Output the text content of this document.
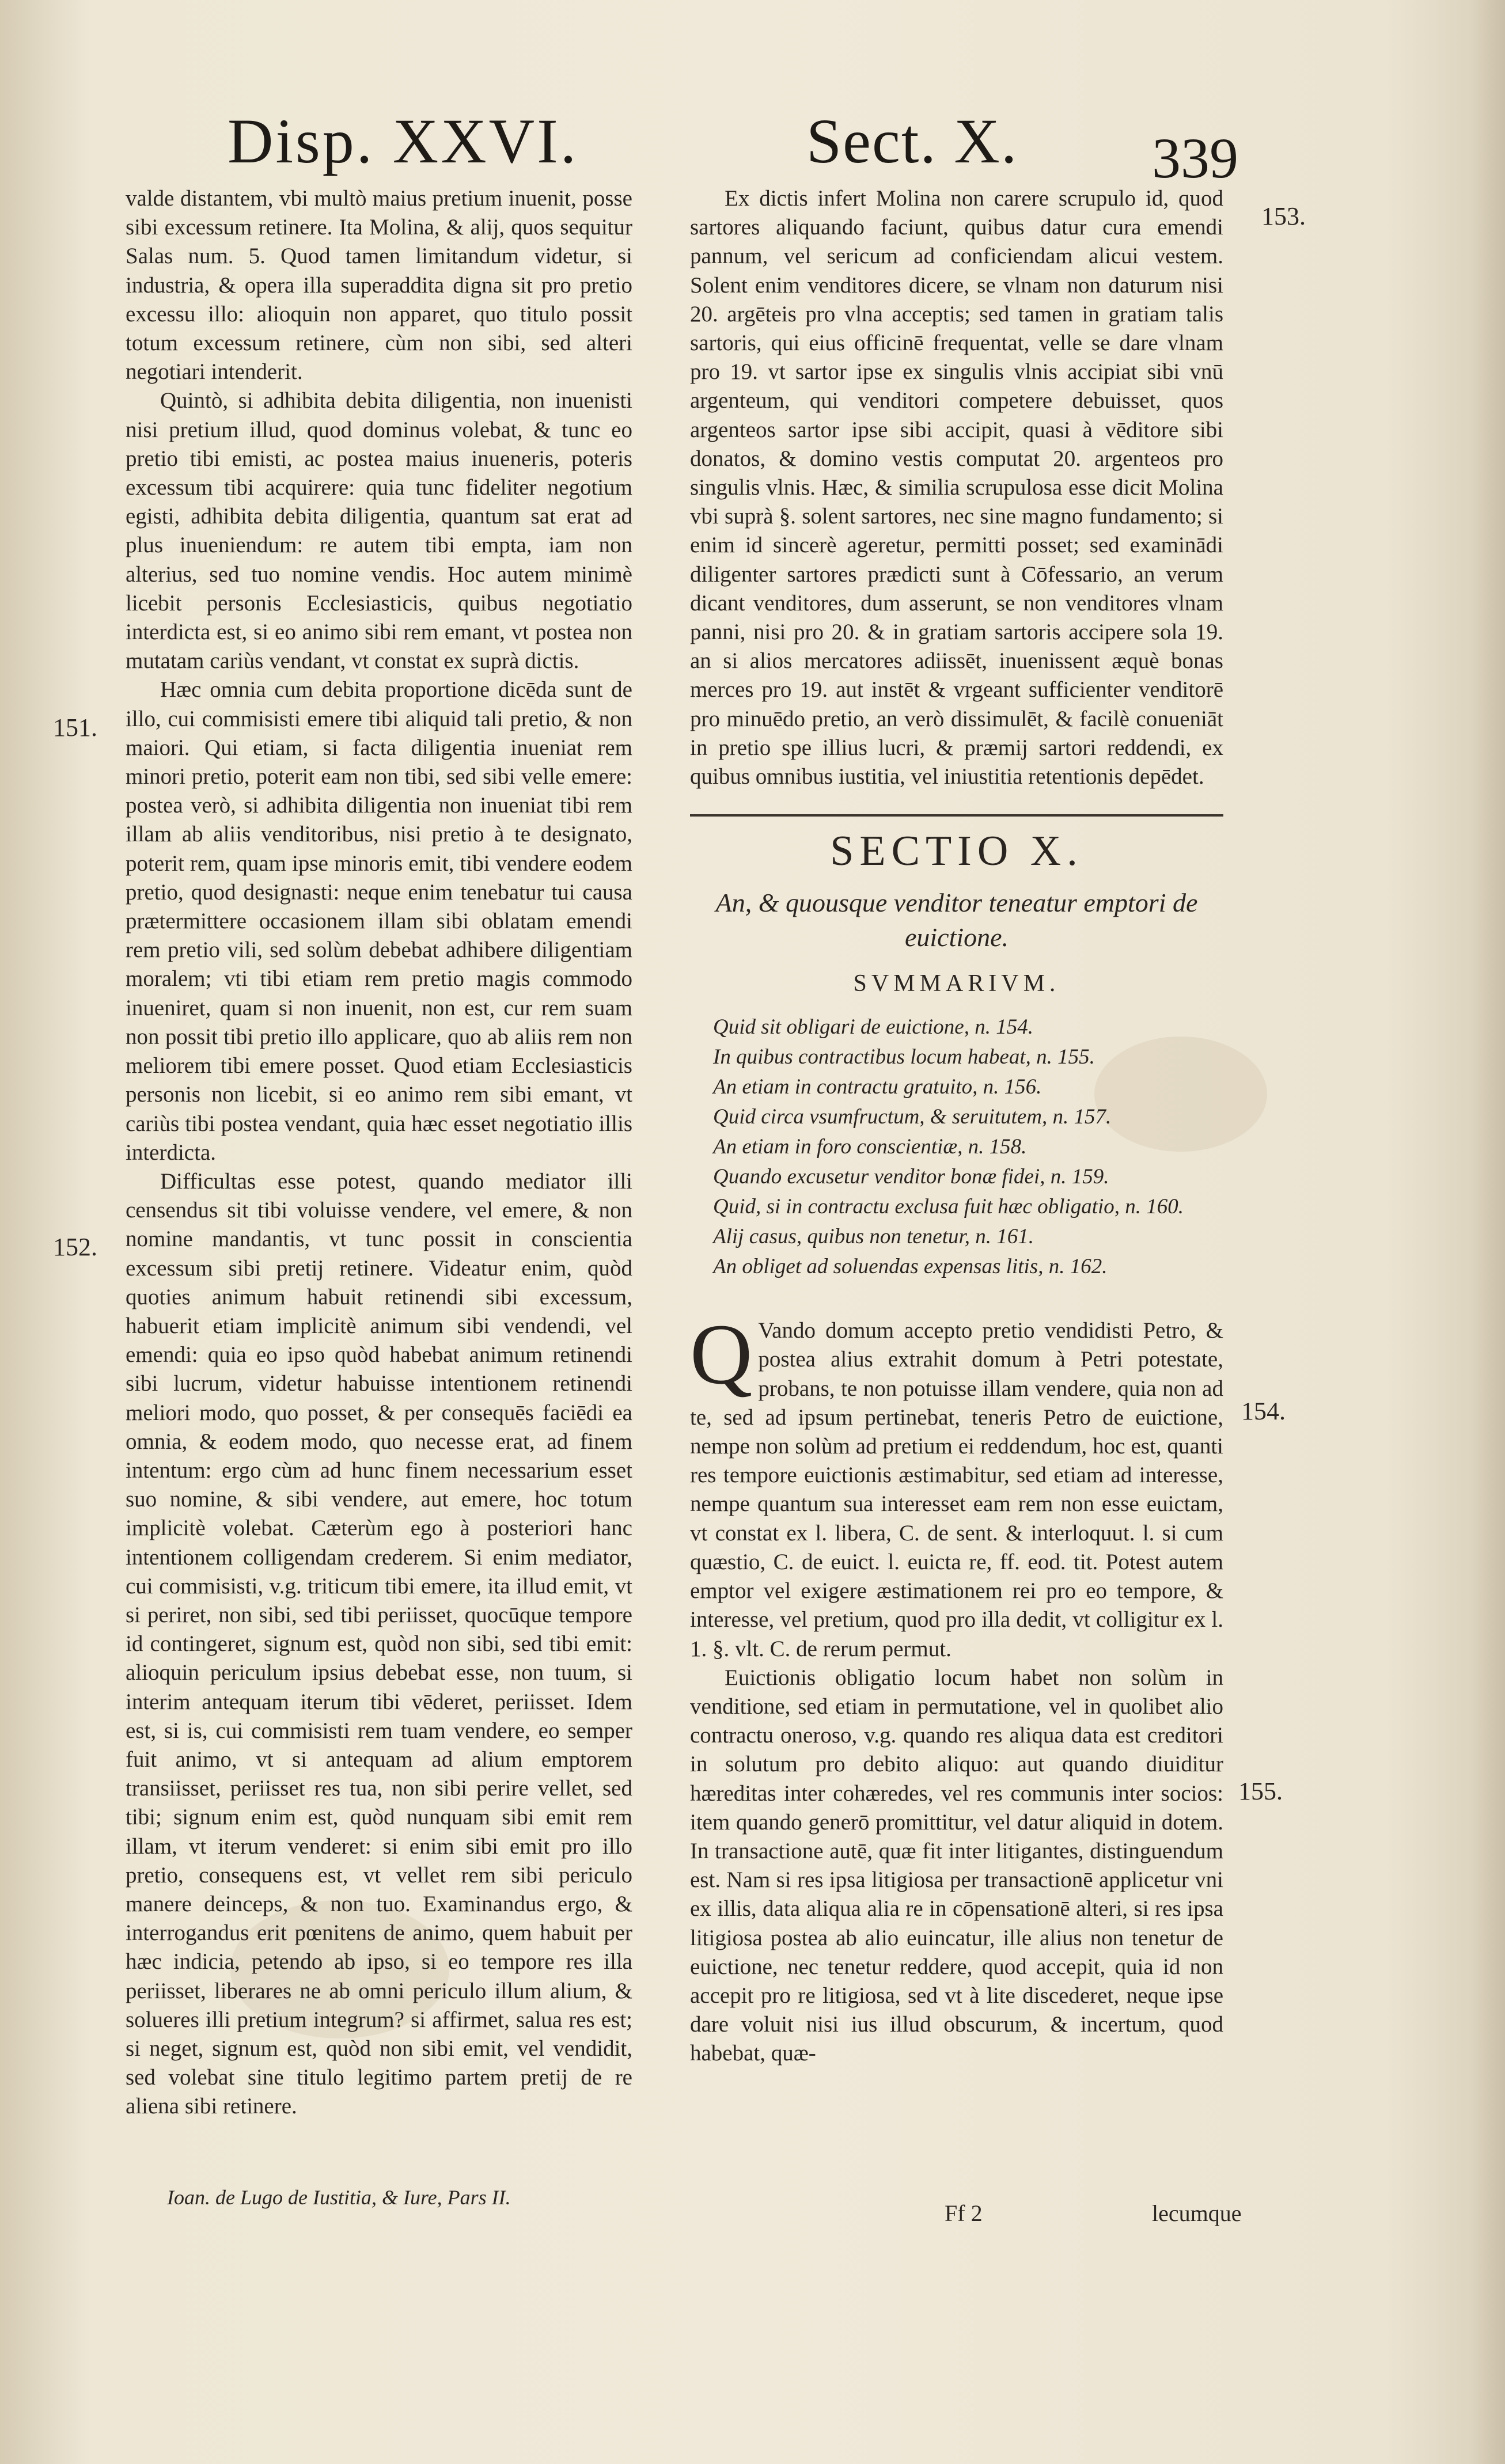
Disp. XXVI.	Sect. X. 339

valde distantem, vbi multò maius pretium inuenit, posse sibi excessum retinere. Ita Molina, & alij, quos sequitur Salas num. 5. Quod tamen limitandum videtur, si industria, & opera illa superaddita digna sit pro pretio excessu illo: alioquin non apparet, quo titulo possit totum excessum retinere, cùm non sibi, sed alteri negotiari intenderit.

Quintò, si adhibita debita diligentia, non inuenisti nisi pretium illud, quod dominus volebat, & tunc eo pretio tibi emisti, ac postea maius inueneris, poteris excessum tibi acquirere: quia tunc fideliter negotium egisti, adhibita debita diligentia, quantum sat erat ad plus inueniendum: re autem tibi empta, iam non alterius, sed tuo nomine vendis. Hoc autem minimè licebit personis Ecclesiasticis, quibus negotiatio interdicta est, si eo animo sibi rem emant, vt postea non mutatam cariùs vendant, vt constat ex suprà dictis.

Hæc omnia cum debita proportione dicēda sunt de illo, cui commisisti emere tibi aliquid tali pretio, & non maiori. Qui etiam, si facta diligentia inueniat rem minori pretio, poterit eam non tibi, sed sibi velle emere: postea verò, si adhibita diligentia non inueniat tibi rem illam ab aliis venditoribus, nisi pretio à te designato, poterit rem, quam ipse minoris emit, tibi vendere eodem pretio, quod designasti: neque enim tenebatur tui causa prætermittere occasionem illam sibi oblatam emendi rem pretio vili, sed solùm debebat adhibere diligentiam moralem; vti tibi etiam rem pretio magis commodo inueniret, quam si non inuenit, non est, cur rem suam non possit tibi pretio illo applicare, quo ab aliis rem non meliorem tibi emere posset. Quod etiam Ecclesiasticis personis non licebit, si eo animo rem sibi emant, vt cariùs tibi postea vendant, quia hæc esset negotiatio illis interdicta.

Difficultas esse potest, quando mediator illi censendus sit tibi voluisse vendere, vel emere, & non nomine mandantis, vt tunc possit in conscientia excessum sibi pretij retinere. Videatur enim, quòd quoties animum habuit retinendi sibi excessum, habuerit etiam implicitè animum sibi vendendi, vel emendi: quia eo ipso quòd habebat animum retinendi sibi lucrum, videtur habuisse intentionem retinendi meliori modo, quo posset, & per consequēs faciēdi ea omnia, & eodem modo, quo necesse erat, ad finem intentum: ergo cùm ad hunc finem necessarium esset suo nomine, & sibi vendere, aut emere, hoc totum implicitè volebat. Cæterùm ego à posteriori hanc intentionem colligendam crederem. Si enim mediator, cui commisisti, v.g. triticum tibi emere, ita illud emit, vt si periret, non sibi, sed tibi periisset, quocūque tempore id contingeret, signum est, quòd non sibi, sed tibi emit: alioquin periculum ipsius debebat esse, non tuum, si interim antequam iterum tibi vēderet, periisset. Idem est, si is, cui commisisti rem tuam vendere, eo semper fuit animo, vt si antequam ad alium emptorem transiisset, periisset res tua, non sibi perire vellet, sed tibi; signum enim est, quòd nunquam sibi emit rem illam, vt iterum venderet: si enim sibi emit pro illo pretio, consequens est, vt vellet rem sibi periculo manere deinceps, & non tuo. Examinandus ergo, & interrogandus erit pœnitens de animo, quem habuit per hæc indicia, petendo ab ipso, si eo tempore res illa periisset, liberares ne ab omni periculo illum alium, & solueres illi pretium integrum? si affirmet, salua res est; si neget, signum est, quòd non sibi emit, vel vendidit, sed volebat sine titulo legitimo partem pretij de re aliena sibi retinere.

Ex dictis infert Molina non carere scrupulo id, quod sartores aliquando faciunt, quibus datur cura emendi pannum, vel sericum ad conficiendam alicui vestem. Solent enim venditores dicere, se vlnam non daturum nisi 20. argēteis pro vlna acceptis; sed tamen in gratiam talis sartoris, qui eius officinē frequentat, velle se dare vlnam pro 19. vt sartor ipse ex singulis vlnis accipiat sibi vnū argenteum, qui venditori competere debuisset, quos argenteos sartor ipse sibi accipit, quasi à vēditore sibi donatos, & domino vestis computat 20. argenteos pro singulis vlnis. Hæc, & similia scrupulosa esse dicit Molina vbi suprà §. solent sartores, nec sine magno fundamento; si enim id sincerè ageretur, permitti posset; sed examinādi diligenter sartores prædicti sunt à Cōfessario, an verum dicant venditores, dum asserunt, se non venditores vlnam panni, nisi pro 20. & in gratiam sartoris accipere sola 19. an si alios mercatores adiissēt, inuenissent æquè bonas merces pro 19. aut instēt & vrgeant sufficienter venditorē pro minuēdo pretio, an verò dissimulēt, & facilè conueniāt in pretio spe illius lucri, & præmij sartori reddendi, ex quibus omnibus iustitia, vel iniustitia retentionis depēdet.

SECTIO X.

An, & quousque venditor teneatur emptori de euictione.

SVMMARIVM.

Quid sit obligari de euictione, n. 154.
In quibus contractibus locum habeat, n. 155.
An etiam in contractu gratuito, n. 156.
Quid circa vsumfructum, & seruitutem, n. 157.
An etiam in foro conscientiæ, n. 158.
Quando excusetur venditor bonæ fidei, n. 159.
Quid, si in contractu exclusa fuit hæc obligatio, n. 160.
Alij casus, quibus non tenetur, n. 161.
An obliget ad soluendas expensas litis, n. 162.

Q Vando domum accepto pretio vendidisti Petro, & postea alius extrahit domum à Petri potestate, probans, te non potuisse illam vendere, quia non ad te, sed ad ipsum pertinebat, teneris Petro de euictione, nempe non solùm ad pretium ei reddendum, hoc est, quanti res tempore euictionis æstimabitur, sed etiam ad interesse, nempe quantum sua interesset eam rem non esse euictam, vt constat ex l. libera, C. de sent. & interloquut. l. si cum quæstio, C. de euict. l. euicta re, ff. eod. tit. Potest autem emptor vel exigere æstimationem rei pro eo tempore, & interesse, vel pretium, quod pro illa dedit, vt colligitur ex l. 1. §. vlt. C. de rerum permut.

Euictionis obligatio locum habet non solùm in venditione, sed etiam in permutatione, vel in quolibet alio contractu oneroso, v.g. quando res aliqua data est creditori in solutum pro debito aliquo: aut quando diuiditur hæreditas inter cohæredes, vel res communis inter socios: item quando generō promittitur, vel datur aliquid in dotem. In transactione autē, quæ fit inter litigantes, distinguendum est. Nam si res ipsa litigiosa per transactionē applicetur vni ex illis, data aliqua alia re in cōpensationē alteri, si res ipsa litigiosa postea ab alio euincatur, ille alius non tenetur de euictione, nec tenetur reddere, quod accepit, quia id non accepit pro re litigiosa, sed vt à lite discederet, neque ipse dare voluit nisi ius illud obscurum, & incertum, quod habebat, quæ-

151.
152.
153.
154.
155.
Ioan. de Lugo de Iustitia, & Iure, Pars II.
Ff 2	lecumque
